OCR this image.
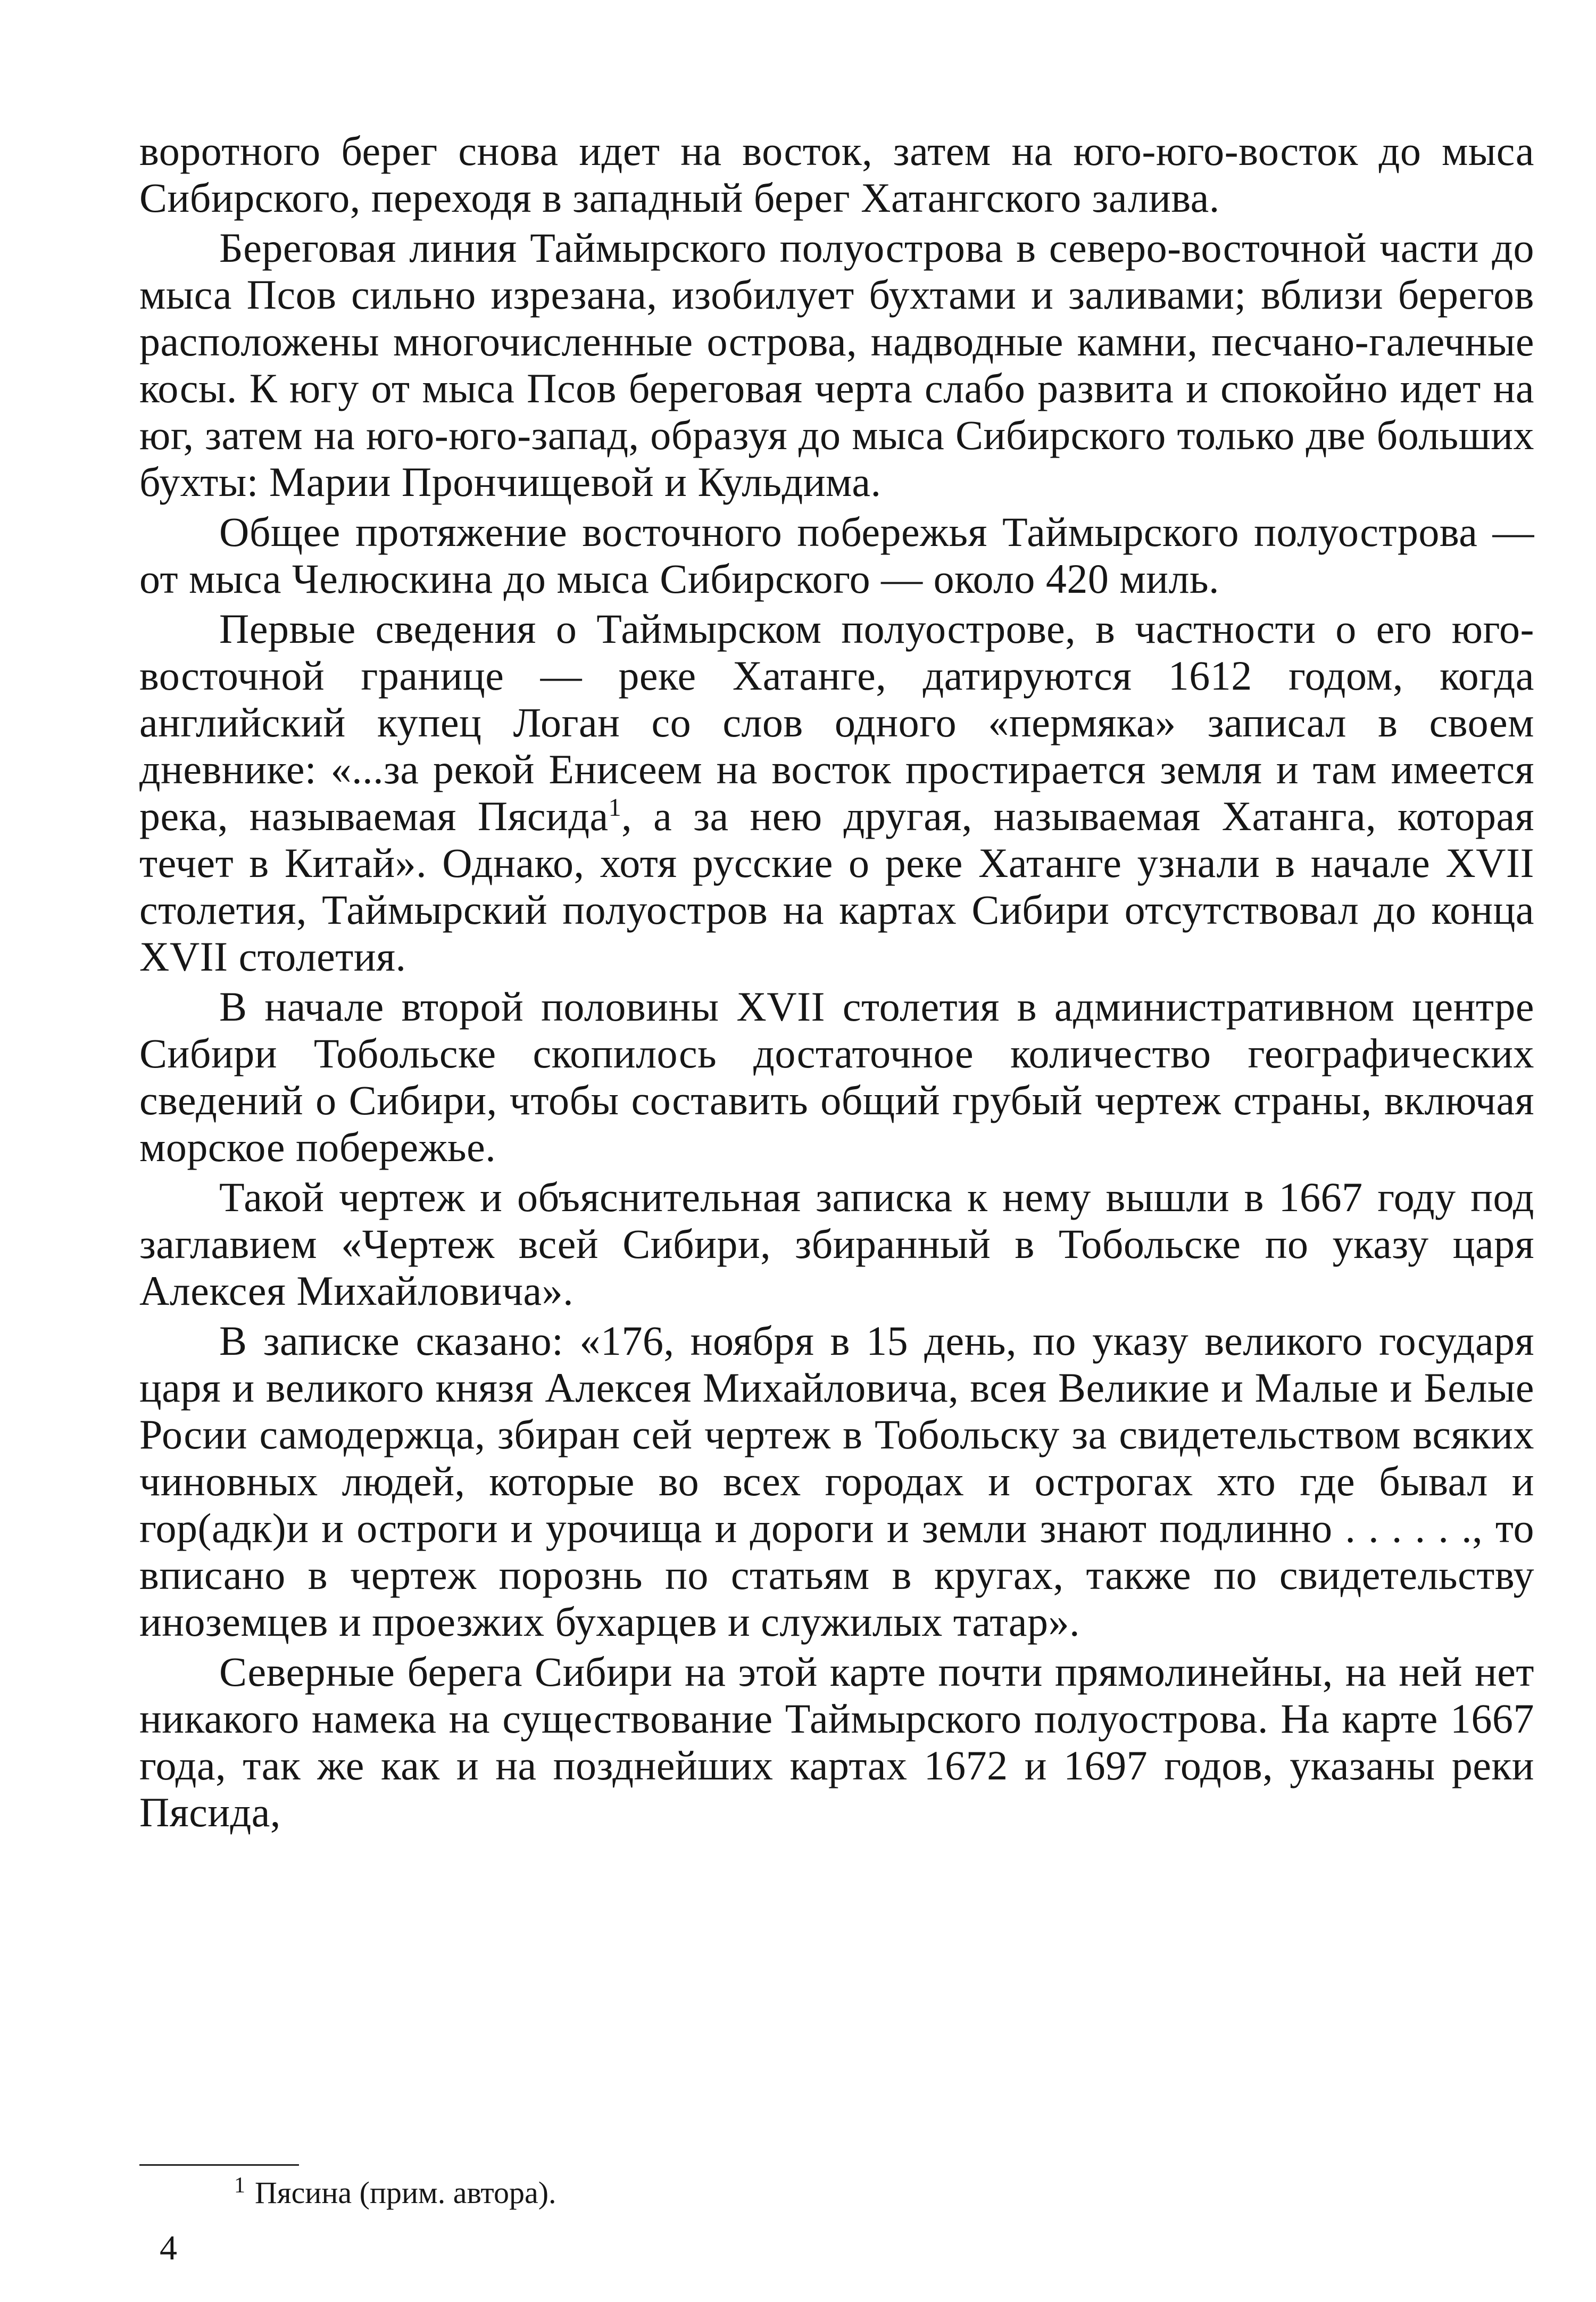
воротного берег снова идет на восток, затем на юго-юго-восток до мыса Сибирского, переходя в западный берег Хатангского залива.

Береговая линия Таймырского полуострова в северо-восточной части до мыса Псов сильно изрезана, изобилует бухтами и заливами; вблизи берегов расположены многочисленные острова, надводные камни, песчано-галечные косы. К югу от мыса Псов береговая черта слабо развита и спокойно идет на юг, затем на юго-юго-запад, образуя до мыса Сибирского только две больших бухты: Марии Прончищевой и Кульдима.

Общее протяжение восточного побережья Таймырского полуострова — от мыса Челюскина до мыса Сибирского — около 420 миль.

Первые сведения о Таймырском полуострове, в частности о его юго-восточной границе — реке Хатанге, датируются 1612 годом, когда английский купец Логан со слов одного «пермяка» записал в своем дневнике: «...за рекой Енисеем на восток простирается земля и там имеется река, называемая Пясида$^1$, а за нею другая, называемая Хатанга, которая течет в Китай». Однако, хотя русские о реке Хатанге узнали в начале XVII столетия, Таймырский полуостров на картах Сибири отсутствовал до конца XVII столетия.

В начале второй половины XVII столетия в административном центре Сибири Тобольске скопилось достаточное количество географических сведений о Сибири, чтобы составить общий грубый чертеж страны, включая морское побережье.

Такой чертеж и объяснительная записка к нему вышли в 1667 году под заглавием «Чертеж всей Сибири, збиранный в Тобольске по указу царя Алексея Михайловича».

В записке сказано: «176, ноября в 15 день, по указу великого государя царя и великого князя Алексея Михайловича, всея Великие и Малые и Белые Росии самодержца, збиран сей чертеж в Тобольску за свидетельством всяких чиновных людей, которые во всех городах и острогах хто где бывал и гор(адк)и и остроги и урочища и дороги и земли знают подлинно . . . . . ., то вписано в чертеж порознь по статьям в кругах, также по свидетельству иноземцев и проезжих бухарцев и служилых татар».

Северные берега Сибири на этой карте почти прямолинейны, на ней нет никакого намека на существование Таймырского полуострова. На карте 1667 года, так же как и на позднейших картах 1672 и 1697 годов, указаны реки Пясида,

$^1$ Пясина (прим. автора).
4
